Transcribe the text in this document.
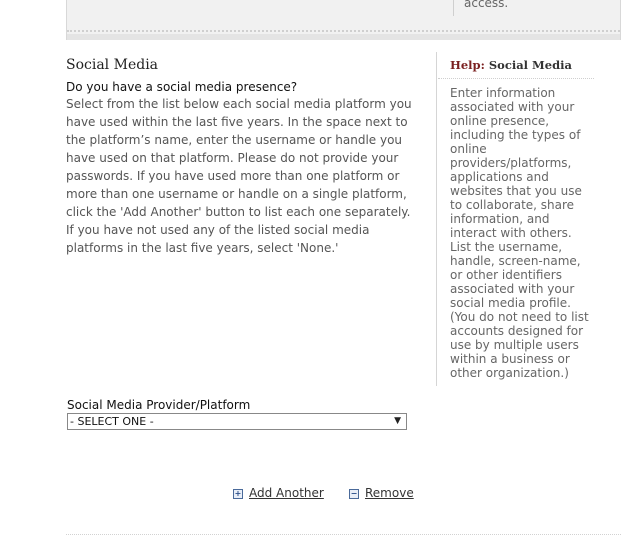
access.
Social Media
Do you have a social media presence?
Select from the list below each social media platform you have used within the last five years. In the space next to the platform’s name, enter the username or handle you have used on that platform. Please do not provide your passwords. If you have used more than one platform or more than one username or handle on a single platform, click the 'Add Another' button to list each one separately. If you have not used any of the listed social media platforms in the last five years, select 'None.'
Help: Social Media
Enter information associated with your online presence, including the types of online providers/platforms, applications and websites that you use to collaborate, share information, and interact with others. List the username, handle, screen-name, or other identifiers associated with your social media profile. (You do not need to list accounts designed for use by multiple users within a business or other organization.)
Social Media Provider/Platform
- SELECT ONE -	▼
+ Add Another	− Remove
